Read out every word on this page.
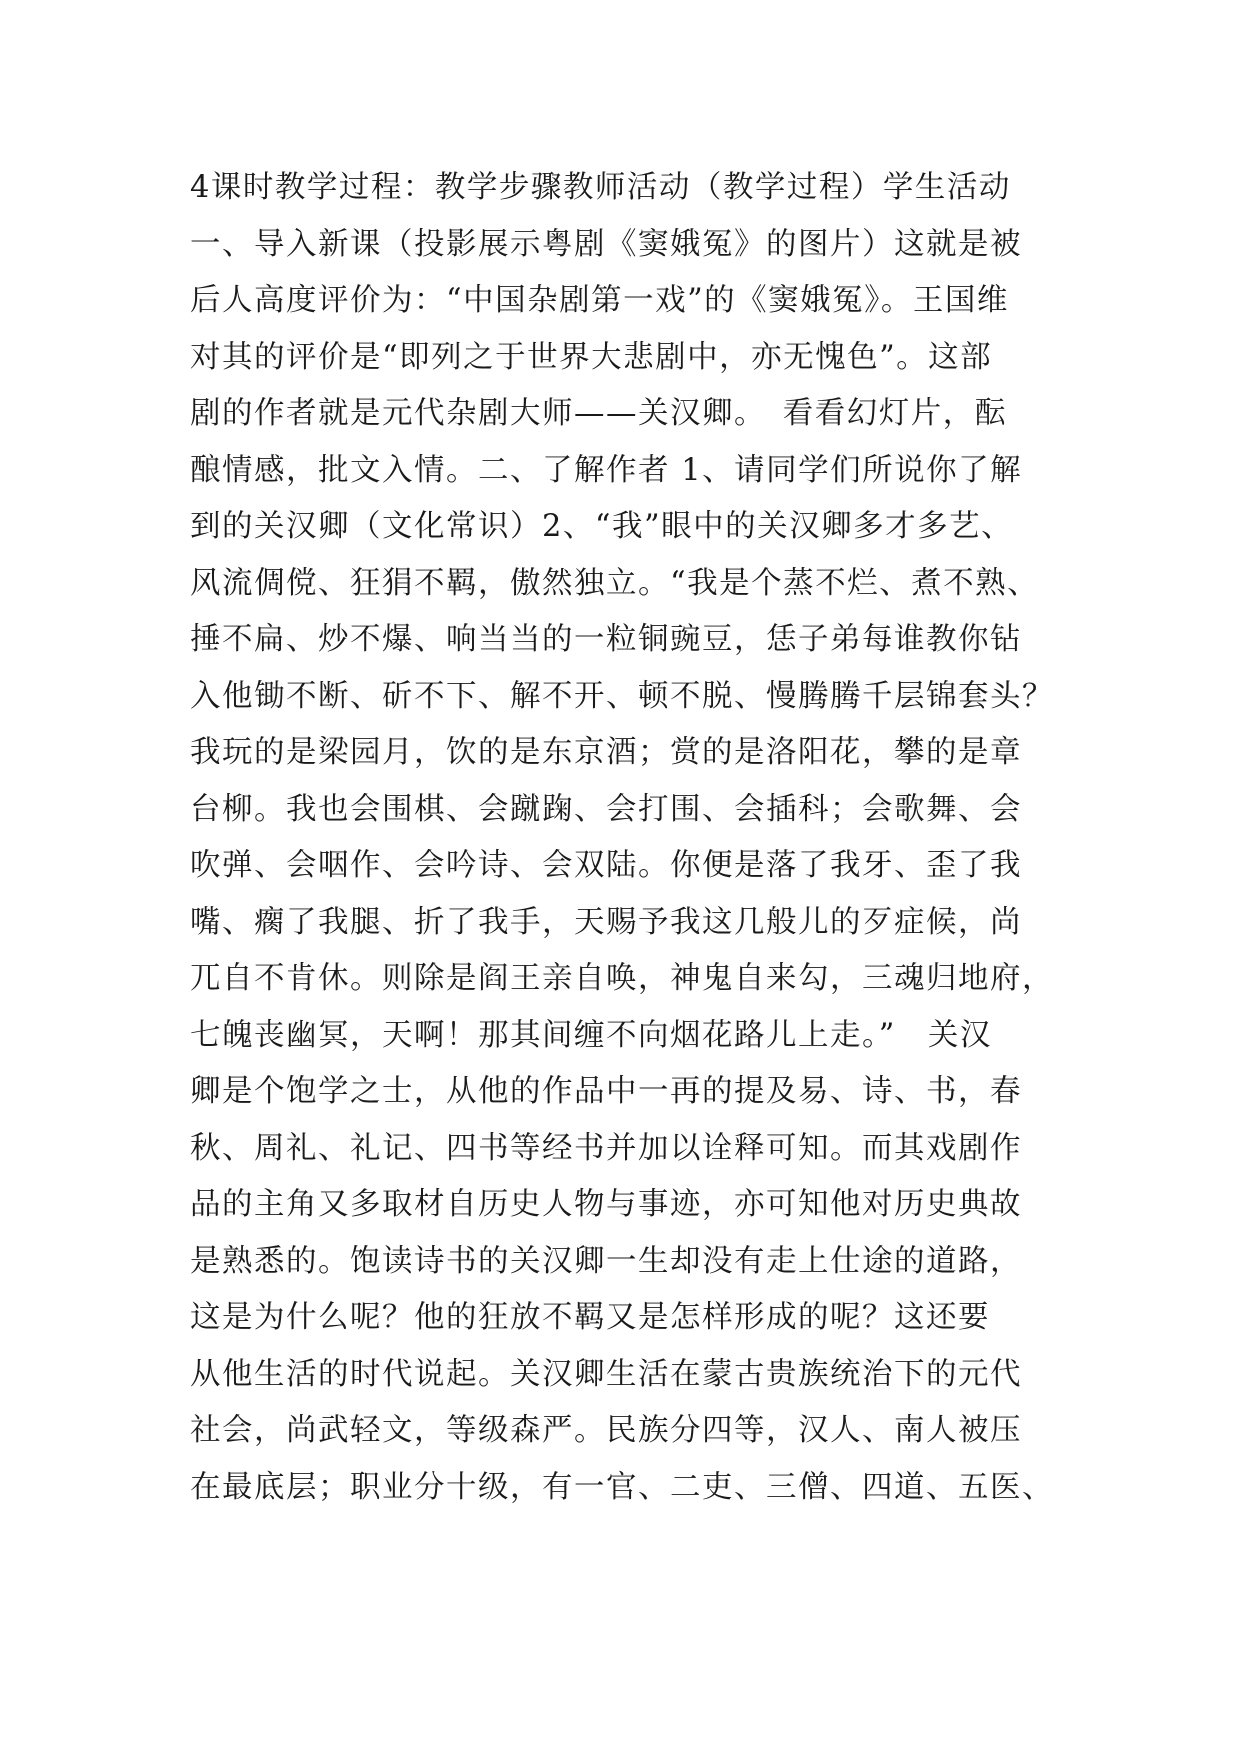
4课时教学过程：教学步骤教师活动（教学过程）学生活动
一、导入新课（投影展示粤剧《窦娥冤》的图片）这就是被
后人高度评价为：“中国杂剧第一戏”的《窦娥冤》。王国维
对其的评价是“即列之于世界大悲剧中，亦无愧色”。这部
剧的作者就是元代杂剧大师——关汉卿。　看看幻灯片，酝
酿情感，批文入情。二、了解作者 1、请同学们所说你了解
到的关汉卿（文化常识）2、“我”眼中的关汉卿多才多艺、
风流倜傥、狂狷不羁，傲然独立。“我是个蒸不烂、煮不熟、
捶不扁、炒不爆、响当当的一粒铜豌豆，恁子弟每谁教你钻
入他锄不断、斫不下、解不开、顿不脱、慢腾腾千层锦套头？
我玩的是梁园月，饮的是东京酒；赏的是洛阳花，攀的是章
台柳。我也会围棋、会蹴踘、会打围、会插科；会歌舞、会
吹弹、会咽作、会吟诗、会双陆。你便是落了我牙、歪了我
嘴、瘸了我腿、折了我手，天赐予我这几般儿的歹症候，尚
兀自不肯休。则除是阎王亲自唤，神鬼自来勾，三魂归地府，
七魄丧幽冥，天啊！那其间缠不向烟花路儿上走。”　关汉
卿是个饱学之士，从他的作品中一再的提及易、诗、书，春
秋、周礼、礼记、四书等经书并加以诠释可知。而其戏剧作
品的主角又多取材自历史人物与事迹，亦可知他对历史典故
是熟悉的。饱读诗书的关汉卿一生却没有走上仕途的道路，
这是为什么呢？他的狂放不羁又是怎样形成的呢？这还要
从他生活的时代说起。关汉卿生活在蒙古贵族统治下的元代
社会，尚武轻文，等级森严。民族分四等，汉人、南人被压
在最底层；职业分十级，有一官、二吏、三僧、四道、五医、
